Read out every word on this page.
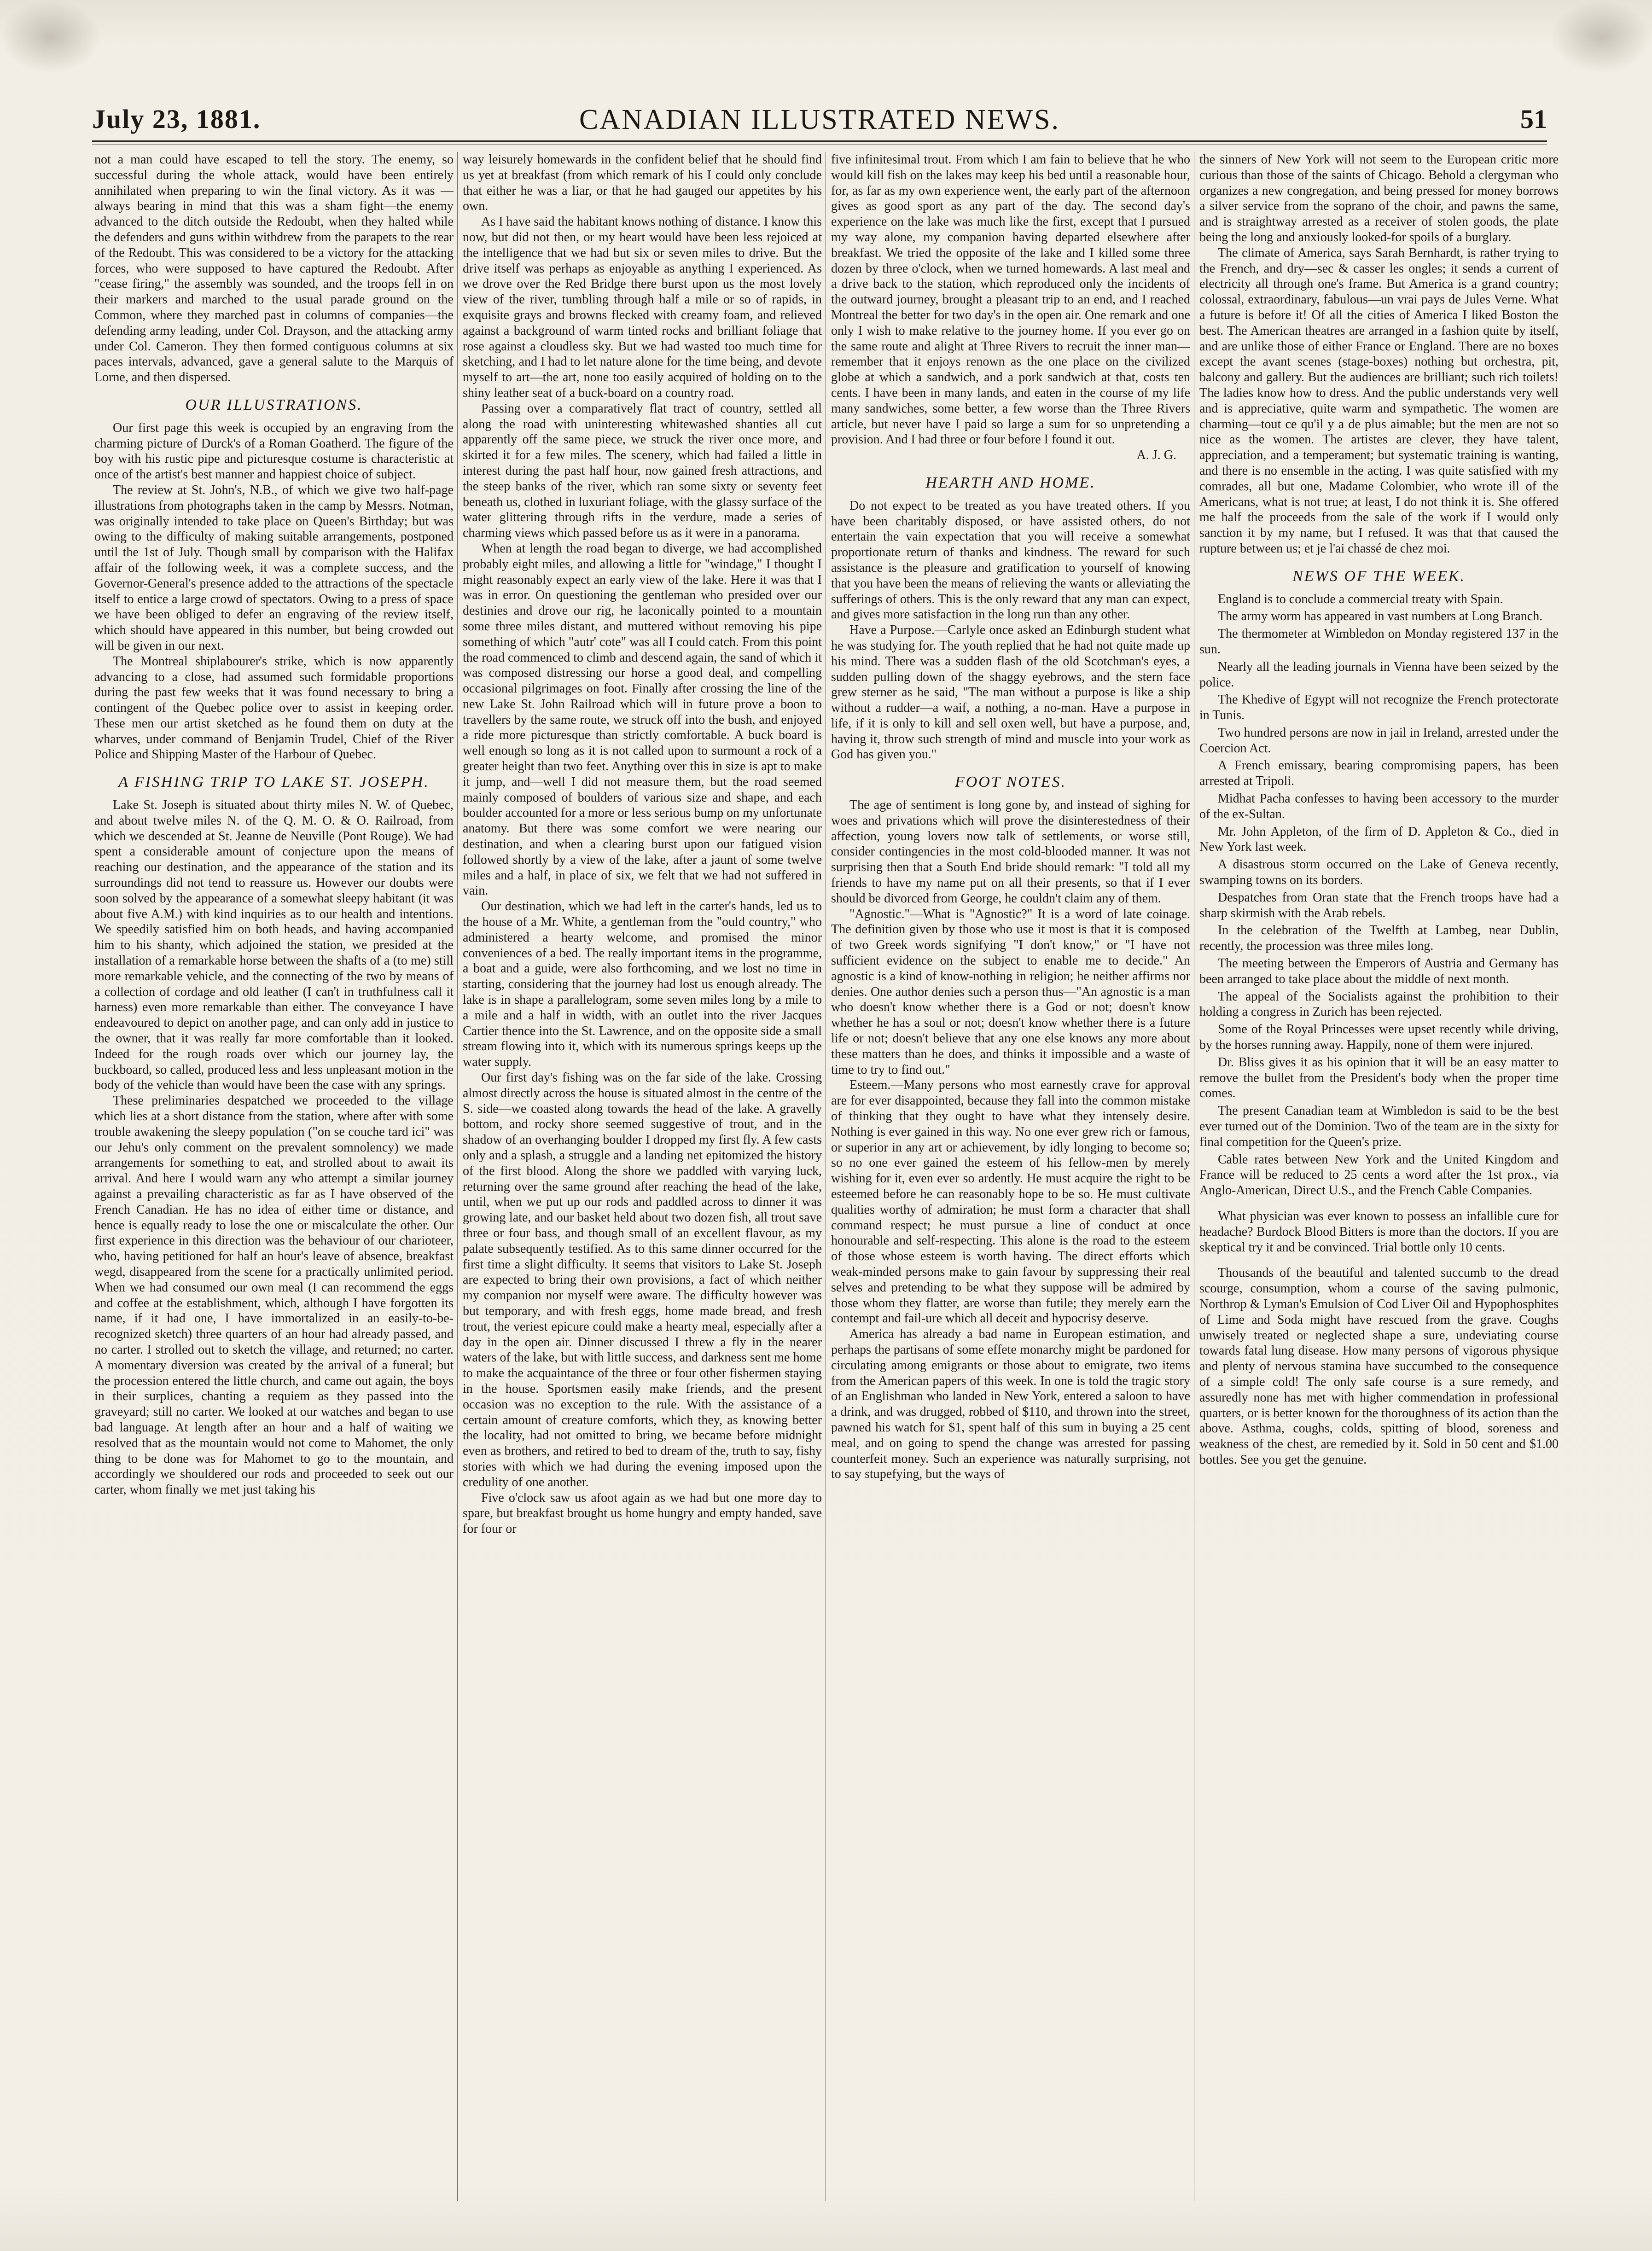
July 23, 1881.	CANADIAN ILLUSTRATED NEWS.	51

not a man could have escaped to tell the story. The enemy, so successful during the whole attack, would have been entirely annihilated when preparing to win the final victory. As it was —always bearing in mind that this was a sham fight—the enemy advanced to the ditch outside the Redoubt, when they halted while the defenders and guns within withdrew from the parapets to the rear of the Redoubt. This was considered to be a victory for the attacking forces, who were supposed to have captured the Redoubt. After "cease firing," the assembly was sounded, and the troops fell in on their markers and marched to the usual parade ground on the Common, where they marched past in columns of companies—the defending army leading, under Col. Drayson, and the attacking army under Col. Cameron. They then formed contiguous columns at six paces intervals, advanced, gave a general salute to the Marquis of Lorne, and then dispersed.

OUR ILLUSTRATIONS.

Our first page this week is occupied by an engraving from the charming picture of Durck's of a Roman Goatherd. The figure of the boy with his rustic pipe and picturesque costume is characteristic at once of the artist's best manner and happiest choice of subject.

The review at St. John's, N.B., of which we give two half-page illustrations from photographs taken in the camp by Messrs. Notman, was originally intended to take place on Queen's Birthday; but was owing to the difficulty of making suitable arrangements, postponed until the 1st of July. Though small by comparison with the Halifax affair of the following week, it was a complete success, and the Governor-General's presence added to the attractions of the spectacle itself to entice a large crowd of spectators. Owing to a press of space we have been obliged to defer an engraving of the review itself, which should have appeared in this number, but being crowded out will be given in our next.

The Montreal shiplabourer's strike, which is now apparently advancing to a close, had assumed such formidable proportions during the past few weeks that it was found necessary to bring a contingent of the Quebec police over to assist in keeping order. These men our artist sketched as he found them on duty at the wharves, under command of Benjamin Trudel, Chief of the River Police and Shipping Master of the Harbour of Quebec.

A FISHING TRIP TO LAKE ST. JOSEPH.

Lake St. Joseph is situated about thirty miles N. W. of Quebec, and about twelve miles N. of the Q. M. O. & O. Railroad, from which we descended at St. Jeanne de Neuville (Pont Rouge). We had spent a considerable amount of conjecture upon the means of reaching our destination, and the appearance of the station and its surroundings did not tend to reassure us. However our doubts were soon solved by the appearance of a somewhat sleepy habitant (it was about five A.M.) with kind inquiries as to our health and intentions. We speedily satisfied him on both heads, and having accompanied him to his shanty, which adjoined the station, we presided at the installation of a remarkable horse between the shafts of a (to me) still more remarkable vehicle, and the connecting of the two by means of a collection of cordage and old leather (I can't in truthfulness call it harness) even more remarkable than either. The conveyance I have endeavoured to depict on another page, and can only add in justice to the owner, that it was really far more comfortable than it looked. Indeed for the rough roads over which our journey lay, the buckboard, so called, produced less and less unpleasant motion in the body of the vehicle than would have been the case with any springs.

These preliminaries despatched we proceeded to the village which lies at a short distance from the station, where after with some trouble awakening the sleepy population ("on se couche tard ici" was our Jehu's only comment on the prevalent somnolency) we made arrangements for something to eat, and strolled about to await its arrival. And here I would warn any who attempt a similar journey against a prevailing characteristic as far as I have observed of the French Canadian. He has no idea of either time or distance, and hence is equally ready to lose the one or miscalculate the other. Our first experience in this direction was the behaviour of our charioteer, who, having petitioned for half an hour's leave of absence, breakfast wegd, disappeared from the scene for a practically unlimited period. When we had consumed our own meal (I can recommend the eggs and coffee at the establishment, which, although I have forgotten its name, if it had one, I have immortalized in an easily-to-be-recognized sketch) three quarters of an hour had already passed, and no carter. I strolled out to sketch the village, and returned; no carter. A momentary diversion was created by the arrival of a funeral; but the procession entered the little church, and came out again, the boys in their surplices, chanting a requiem as they passed into the graveyard; still no carter. We looked at our watches and began to use bad language. At length after an hour and a half of waiting we resolved that as the mountain would not come to Mahomet, the only thing to be done was for Mahomet to go to the mountain, and accordingly we shouldered our rods and proceeded to seek out our carter, whom finally we met just taking his

way leisurely homewards in the confident belief that he should find us yet at breakfast (from which remark of his I could only conclude that either he was a liar, or that he had gauged our appetites by his own.

As I have said the habitant knows nothing of distance. I know this now, but did not then, or my heart would have been less rejoiced at the intelligence that we had but six or seven miles to drive. But the drive itself was perhaps as enjoyable as anything I experienced. As we drove over the Red Bridge there burst upon us the most lovely view of the river, tumbling through half a mile or so of rapids, in exquisite grays and browns flecked with creamy foam, and relieved against a background of warm tinted rocks and brilliant foliage that rose against a cloudless sky. But we had wasted too much time for sketching, and I had to let nature alone for the time being, and devote myself to art—the art, none too easily acquired of holding on to the shiny leather seat of a buck-board on a country road.

Passing over a comparatively flat tract of country, settled all along the road with uninteresting whitewashed shanties all cut apparently off the same piece, we struck the river once more, and skirted it for a few miles. The scenery, which had failed a little in interest during the past half hour, now gained fresh attractions, and the steep banks of the river, which ran some sixty or seventy feet beneath us, clothed in luxuriant foliage, with the glassy surface of the water glittering through rifts in the verdure, made a series of charming views which passed before us as it were in a panorama.

When at length the road began to diverge, we had accomplished probably eight miles, and allowing a little for "windage," I thought I might reasonably expect an early view of the lake. Here it was that I was in error. On questioning the gentleman who presided over our destinies and drove our rig, he laconically pointed to a mountain some three miles distant, and muttered without removing his pipe something of which "autr' cote" was all I could catch. From this point the road commenced to climb and descend again, the sand of which it was composed distressing our horse a good deal, and compelling occasional pilgrimages on foot. Finally after crossing the line of the new Lake St. John Railroad which will in future prove a boon to travellers by the same route, we struck off into the bush, and enjoyed a ride more picturesque than strictly comfortable. A buck board is well enough so long as it is not called upon to surmount a rock of a greater height than two feet. Anything over this in size is apt to make it jump, and—well I did not measure them, but the road seemed mainly composed of boulders of various size and shape, and each boulder accounted for a more or less serious bump on my unfortunate anatomy. But there was some comfort we were nearing our destination, and when a clearing burst upon our fatigued vision followed shortly by a view of the lake, after a jaunt of some twelve miles and a half, in place of six, we felt that we had not suffered in vain.

Our destination, which we had left in the carter's hands, led us to the house of a Mr. White, a gentleman from the "ould country," who administered a hearty welcome, and promised the minor conveniences of a bed. The really important items in the programme, a boat and a guide, were also forthcoming, and we lost no time in starting, considering that the journey had lost us enough already. The lake is in shape a parallelogram, some seven miles long by a mile to a mile and a half in width, with an outlet into the river Jacques Cartier thence into the St. Lawrence, and on the opposite side a small stream flowing into it, which with its numerous springs keeps up the water supply.

Our first day's fishing was on the far side of the lake. Crossing almost directly across the house is situated almost in the centre of the S. side—we coasted along towards the head of the lake. A gravelly bottom, and rocky shore seemed suggestive of trout, and in the shadow of an overhanging boulder I dropped my first fly. A few casts only and a splash, a struggle and a landing net epitomized the history of the first blood. Along the shore we paddled with varying luck, returning over the same ground after reaching the head of the lake, until, when we put up our rods and paddled across to dinner it was growing late, and our basket held about two dozen fish, all trout save three or four bass, and though small of an excellent flavour, as my palate subsequently testified. As to this same dinner occurred for the first time a slight difficulty. It seems that visitors to Lake St. Joseph are expected to bring their own provisions, a fact of which neither my companion nor myself were aware. The difficulty however was but temporary, and with fresh eggs, home made bread, and fresh trout, the veriest epicure could make a hearty meal, especially after a day in the open air. Dinner discussed I threw a fly in the nearer waters of the lake, but with little success, and darkness sent me home to make the acquaintance of the three or four other fishermen staying in the house. Sportsmen easily make friends, and the present occasion was no exception to the rule. With the assistance of a certain amount of creature comforts, which they, as knowing better the locality, had not omitted to bring, we became before midnight even as brothers, and retired to bed to dream of the, truth to say, fishy stories with which we had during the evening imposed upon the credulity of one another.

Five o'clock saw us afoot again as we had but one more day to spare, but breakfast brought us home hungry and empty handed, save for four or

five infinitesimal trout. From which I am fain to believe that he who would kill fish on the lakes may keep his bed until a reasonable hour, for, as far as my own experience went, the early part of the afternoon gives as good sport as any part of the day. The second day's experience on the lake was much like the first, except that I pursued my way alone, my companion having departed elsewhere after breakfast. We tried the opposite of the lake and I killed some three dozen by three o'clock, when we turned homewards. A last meal and a drive back to the station, which reproduced only the incidents of the outward journey, brought a pleasant trip to an end, and I reached Montreal the better for two day's in the open air. One remark and one only I wish to make relative to the journey home. If you ever go on the same route and alight at Three Rivers to recruit the inner man—remember that it enjoys renown as the one place on the civilized globe at which a sandwich, and a pork sandwich at that, costs ten cents. I have been in many lands, and eaten in the course of my life many sandwiches, some better, a few worse than the Three Rivers article, but never have I paid so large a sum for so unpretending a provision. And I had three or four before I found it out.

A. J. G.

HEARTH AND HOME.

Do not expect to be treated as you have treated others. If you have been charitably disposed, or have assisted others, do not entertain the vain expectation that you will receive a somewhat proportionate return of thanks and kindness. The reward for such assistance is the pleasure and gratification to yourself of knowing that you have been the means of relieving the wants or alleviating the sufferings of others. This is the only reward that any man can expect, and gives more satisfaction in the long run than any other.

Have a Purpose.—Carlyle once asked an Edinburgh student what he was studying for. The youth replied that he had not quite made up his mind. There was a sudden flash of the old Scotchman's eyes, a sudden pulling down of the shaggy eyebrows, and the stern face grew sterner as he said, "The man without a purpose is like a ship without a rudder—a waif, a nothing, a no-man. Have a purpose in life, if it is only to kill and sell oxen well, but have a purpose, and, having it, throw such strength of mind and muscle into your work as God has given you."

FOOT NOTES.

The age of sentiment is long gone by, and instead of sighing for woes and privations which will prove the disinterestedness of their affection, young lovers now talk of settlements, or worse still, consider contingencies in the most cold-blooded manner. It was not surprising then that a South End bride should remark: "I told all my friends to have my name put on all their presents, so that if I ever should be divorced from George, he couldn't claim any of them.

"Agnostic."—What is "Agnostic?" It is a word of late coinage. The definition given by those who use it most is that it is composed of two Greek words signifying "I don't know," or "I have not sufficient evidence on the subject to enable me to decide." An agnostic is a kind of know-nothing in religion; he neither affirms nor denies. One author denies such a person thus—"An agnostic is a man who doesn't know whether there is a God or not; doesn't know whether he has a soul or not; doesn't know whether there is a future life or not; doesn't believe that any one else knows any more about these matters than he does, and thinks it impossible and a waste of time to try to find out."

Esteem.—Many persons who most earnestly crave for approval are for ever disappointed, because they fall into the common mistake of thinking that they ought to have what they intensely desire. Nothing is ever gained in this way. No one ever grew rich or famous, or superior in any art or achievement, by idly longing to become so; so no one ever gained the esteem of his fellow-men by merely wishing for it, even ever so ardently. He must acquire the right to be esteemed before he can reasonably hope to be so. He must cultivate qualities worthy of admiration; he must form a character that shall command respect; he must pursue a line of conduct at once honourable and self-respecting. This alone is the road to the esteem of those whose esteem is worth having. The direct efforts which weak-minded persons make to gain favour by suppressing their real selves and pretending to be what they suppose will be admired by those whom they flatter, are worse than futile; they merely earn the contempt and fail-ure which all deceit and hypocrisy deserve.

America has already a bad name in European estimation, and perhaps the partisans of some effete monarchy might be pardoned for circulating among emigrants or those about to emigrate, two items from the American papers of this week. In one is told the tragic story of an Englishman who landed in New York, entered a saloon to have a drink, and was drugged, robbed of $110, and thrown into the street, pawned his watch for $1, spent half of this sum in buying a 25 cent meal, and on going to spend the change was arrested for passing counterfeit money. Such an experience was naturally surprising, not to say stupefying, but the ways of

the sinners of New York will not seem to the European critic more curious than those of the saints of Chicago. Behold a clergyman who organizes a new congregation, and being pressed for money borrows a silver service from the soprano of the choir, and pawns the same, and is straightway arrested as a receiver of stolen goods, the plate being the long and anxiously looked-for spoils of a burglary.

The climate of America, says Sarah Bernhardt, is rather trying to the French, and dry—sec & casser les ongles; it sends a current of electricity all through one's frame. But America is a grand country; colossal, extraordinary, fabulous—un vrai pays de Jules Verne. What a future is before it! Of all the cities of America I liked Boston the best. The American theatres are arranged in a fashion quite by itself, and are unlike those of either France or England. There are no boxes except the avant scenes (stage-boxes) nothing but orchestra, pit, balcony and gallery. But the audiences are brilliant; such rich toilets! The ladies know how to dress. And the public understands very well and is appreciative, quite warm and sympathetic. The women are charming—tout ce qu'il y a de plus aimable; but the men are not so nice as the women. The artistes are clever, they have talent, appreciation, and a temperament; but systematic training is wanting, and there is no ensemble in the acting. I was quite satisfied with my comrades, all but one, Madame Colombier, who wrote ill of the Americans, what is not true; at least, I do not think it is. She offered me half the proceeds from the sale of the work if I would only sanction it by my name, but I refused. It was that that caused the rupture between us; et je l'ai chassé de chez moi.

NEWS OF THE WEEK.

England is to conclude a commercial treaty with Spain.

The army worm has appeared in vast numbers at Long Branch.

The thermometer at Wimbledon on Monday registered 137 in the sun.

Nearly all the leading journals in Vienna have been seized by the police.

The Khedive of Egypt will not recognize the French protectorate in Tunis.

Two hundred persons are now in jail in Ireland, arrested under the Coercion Act.

A French emissary, bearing compromising papers, has been arrested at Tripoli.

Midhat Pacha confesses to having been accessory to the murder of the ex-Sultan.

Mr. John Appleton, of the firm of D. Appleton & Co., died in New York last week.

A disastrous storm occurred on the Lake of Geneva recently, swamping towns on its borders.

Despatches from Oran state that the French troops have had a sharp skirmish with the Arab rebels.

In the celebration of the Twelfth at Lambeg, near Dublin, recently, the procession was three miles long.

The meeting between the Emperors of Austria and Germany has been arranged to take place about the middle of next month.

The appeal of the Socialists against the prohibition to their holding a congress in Zurich has been rejected.

Some of the Royal Princesses were upset recently while driving, by the horses running away. Happily, none of them were injured.

Dr. Bliss gives it as his opinion that it will be an easy matter to remove the bullet from the President's body when the proper time comes.

The present Canadian team at Wimbledon is said to be the best ever turned out of the Dominion. Two of the team are in the sixty for final competition for the Queen's prize.

Cable rates between New York and the United Kingdom and France will be reduced to 25 cents a word after the 1st prox., via Anglo-American, Direct U.S., and the French Cable Companies.

What physician was ever known to possess an infallible cure for headache? Burdock Blood Bitters is more than the doctors. If you are skeptical try it and be convinced. Trial bottle only 10 cents.

Thousands of the beautiful and talented succumb to the dread scourge, consumption, whom a course of the saving pulmonic, Northrop & Lyman's Emulsion of Cod Liver Oil and Hypophosphites of Lime and Soda might have rescued from the grave. Coughs unwisely treated or neglected shape a sure, undeviating course towards fatal lung disease. How many persons of vigorous physique and plenty of nervous stamina have succumbed to the consequence of a simple cold! The only safe course is a sure remedy, and assuredly none has met with higher commendation in professional quarters, or is better known for the thoroughness of its action than the above. Asthma, coughs, colds, spitting of blood, soreness and weakness of the chest, are remedied by it. Sold in 50 cent and $1.00 bottles. See you get the genuine.
